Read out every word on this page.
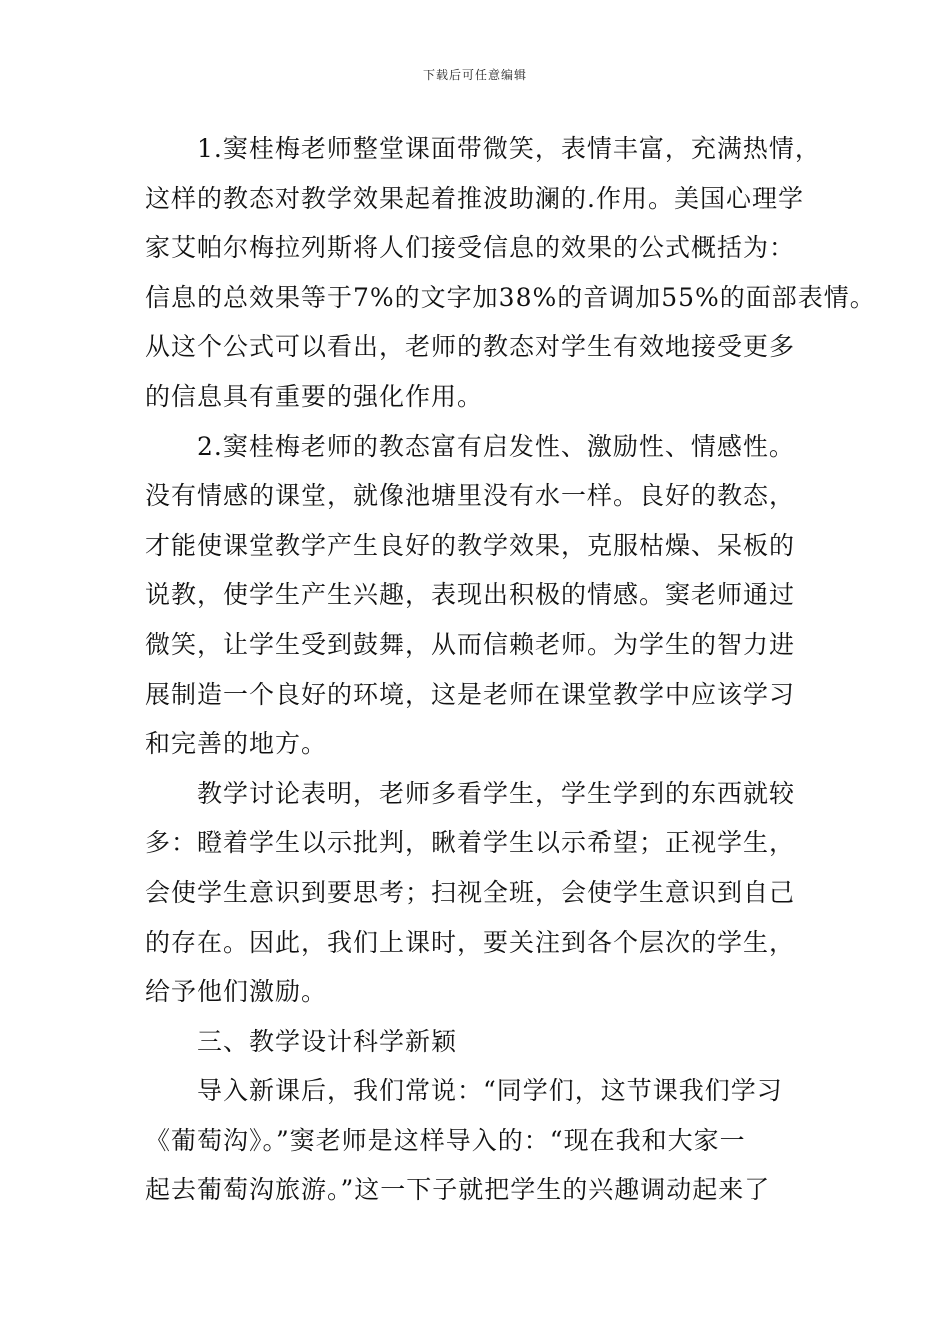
下载后可任意编辑
1.窦桂梅老师整堂课面带微笑，表情丰富，充满热情，
这样的教态对教学效果起着推波助澜的.作用。美国心理学
家艾帕尔梅拉列斯将人们接受信息的效果的公式概括为：
信息的总效果等于7%的文字加38%的音调加55%的面部表情。
从这个公式可以看出，老师的教态对学生有效地接受更多
的信息具有重要的强化作用。
2.窦桂梅老师的教态富有启发性、激励性、情感性。
没有情感的课堂，就像池塘里没有水一样。良好的教态，
才能使课堂教学产生良好的教学效果，克服枯燥、呆板的
说教，使学生产生兴趣，表现出积极的情感。窦老师通过
微笑，让学生受到鼓舞，从而信赖老师。为学生的智力进
展制造一个良好的环境，这是老师在课堂教学中应该学习
和完善的地方。
教学讨论表明，老师多看学生，学生学到的东西就较
多：瞪着学生以示批判，瞅着学生以示希望；正视学生，
会使学生意识到要思考；扫视全班，会使学生意识到自己
的存在。因此，我们上课时，要关注到各个层次的学生，
给予他们激励。
三、教学设计科学新颖
导入新课后，我们常说：“同学们，这节课我们学习
《葡萄沟》。”窦老师是这样导入的：“现在我和大家一
起去葡萄沟旅游。”这一下子就把学生的兴趣调动起来了
